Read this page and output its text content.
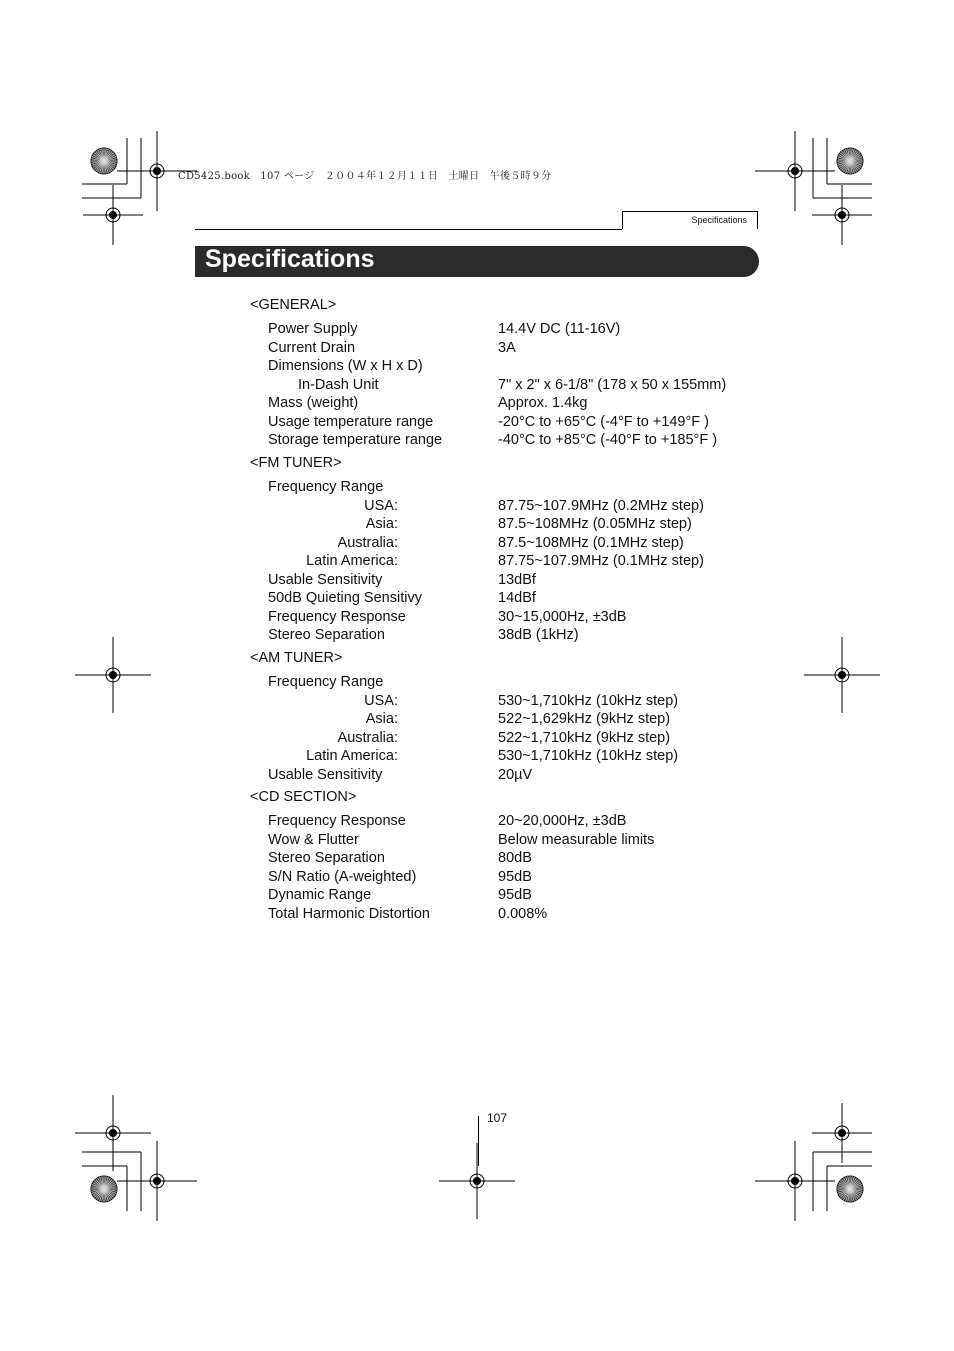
CD5425.book　107 ページ　２００４年１２月１１日　土曜日　午後５時９分
Specifications
Specifications
<GENERAL>
Power Supply	14.4V DC (11-16V)
Current Drain	3A
Dimensions (W x H x D)
In-Dash Unit	7" x 2" x 6-1/8" (178 x 50 x 155mm)
Mass (weight)	Approx. 1.4kg
Usage temperature range	-20°C to +65°C (-4°F to +149°F )
Storage temperature range	-40°C to +85°C (-40°F to +185°F )
<FM TUNER>
Frequency Range
USA:	87.75~107.9MHz (0.2MHz step)
Asia:	87.5~108MHz (0.05MHz step)
Australia:	87.5~108MHz (0.1MHz step)
Latin America:	87.75~107.9MHz (0.1MHz step)
Usable Sensitivity	13dBf
50dB Quieting Sensitivy	14dBf
Frequency Response	30~15,000Hz, ±3dB
Stereo Separation	38dB (1kHz)
<AM TUNER>
Frequency Range
USA:	530~1,710kHz (10kHz step)
Asia:	522~1,629kHz (9kHz step)
Australia:	522~1,710kHz (9kHz step)
Latin America:	530~1,710kHz (10kHz step)
Usable Sensitivity	20µV
<CD SECTION>
Frequency Response	20~20,000Hz, ±3dB
Wow & Flutter	Below measurable limits
Stereo Separation	80dB
S/N Ratio (A-weighted)	95dB
Dynamic Range	95dB
Total Harmonic Distortion	0.008%
107
